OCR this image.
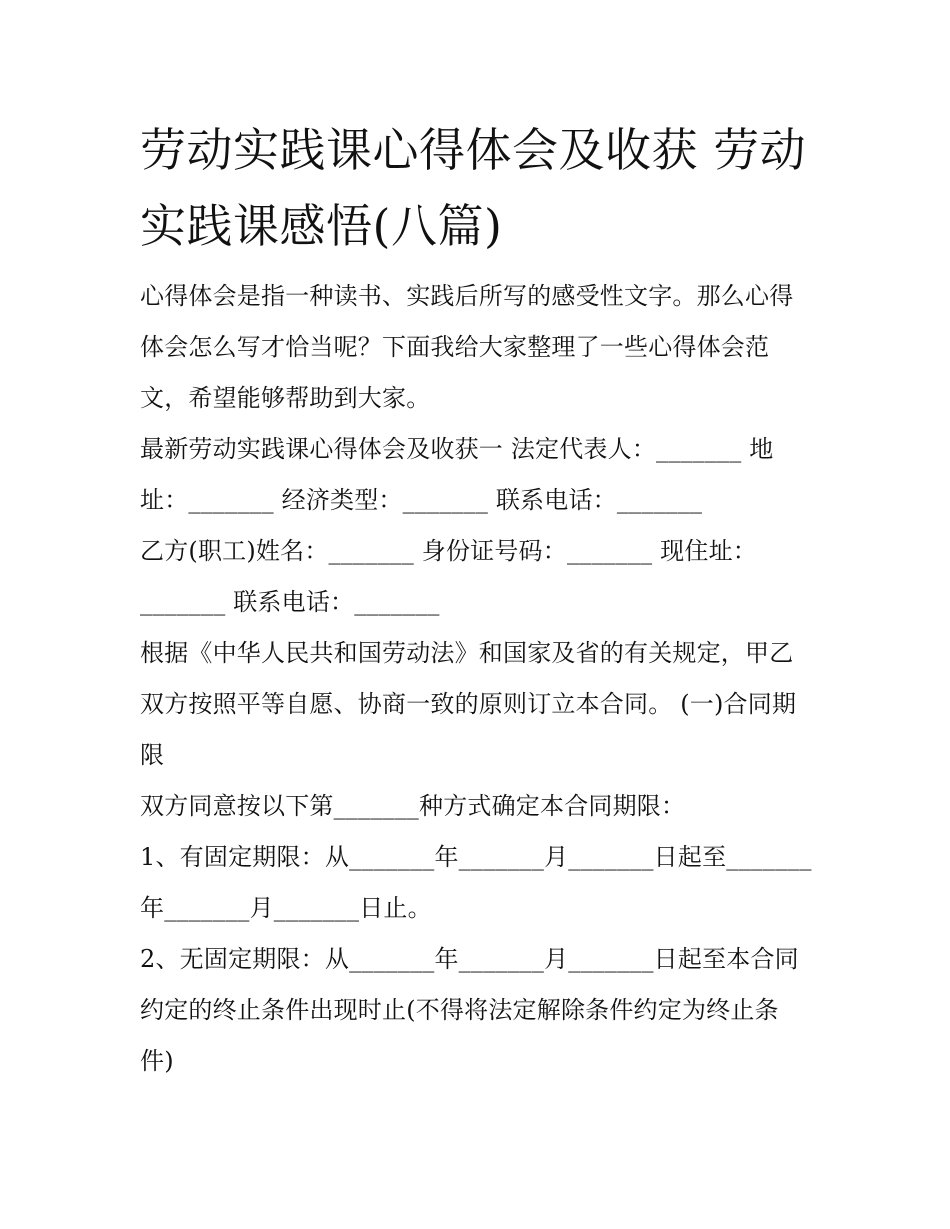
劳动实践课心得体会及收获 劳动实践课感悟(八篇)

心得体会是指一种读书、实践后所写的感受性文字。那么心得体会怎么写才恰当呢？下面我给大家整理了一些心得体会范文，希望能够帮助到大家。

最新劳动实践课心得体会及收获一 法定代表人：_______ 地址：_______ 经济类型：_______ 联系电话：_______

乙方(职工)姓名：_______ 身份证号码：_______ 现住址：_______ 联系电话：_______

根据《中华人民共和国劳动法》和国家及省的有关规定，甲乙双方按照平等自愿、协商一致的原则订立本合同。 (一)合同期限

双方同意按以下第_______种方式确定本合同期限：

1、有固定期限：从_______年_______月_______日起至_______年_______月_______日止。

2、无固定期限：从_______年_______月_______日起至本合同约定的终止条件出现时止(不得将法定解除条件约定为终止条件)
